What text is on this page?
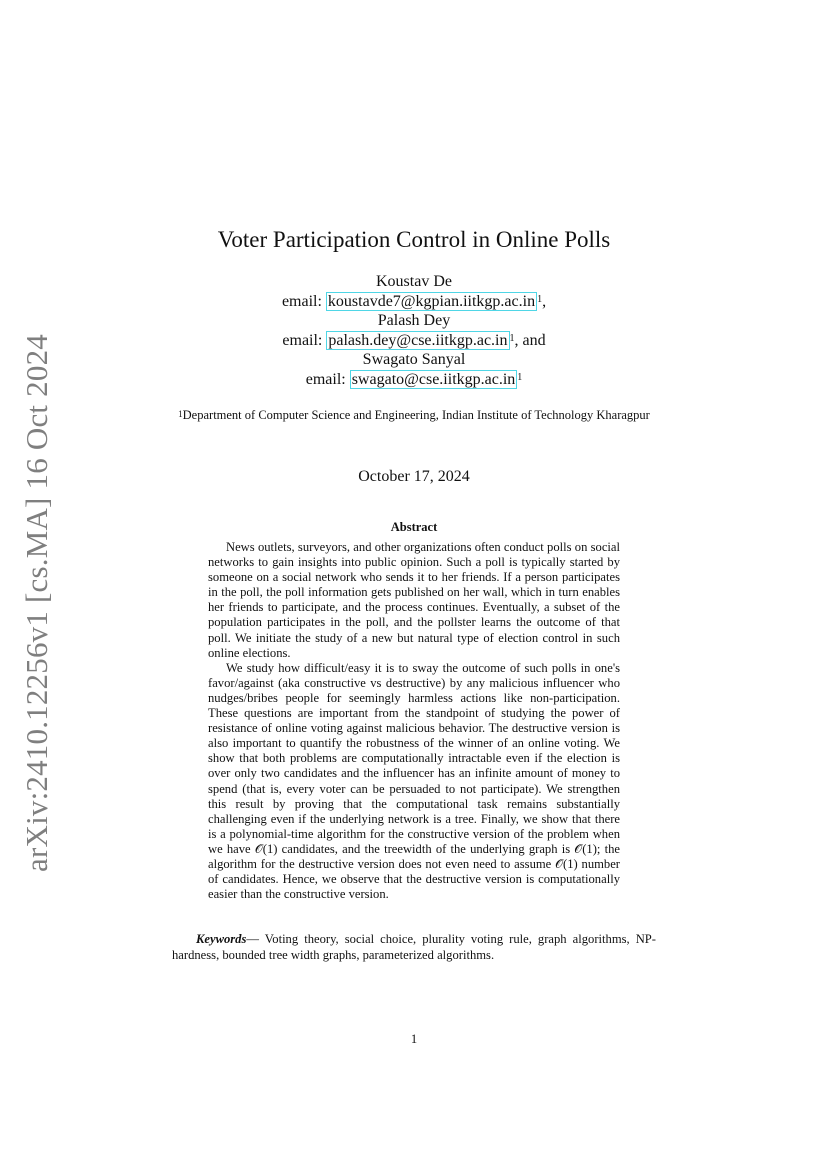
arXiv:2410.12256v1 [cs.MA] 16 Oct 2024
Voter Participation Control in Online Polls
Koustav De
email: koustavde7@kgpian.iitkgp.ac.in $^1$,
Palash Dey
email: palash.dey@cse.iitkgp.ac.in $^1$, and
Swagato Sanyal
email: swagato@cse.iitkgp.ac.in $^1$
$^1$Department of Computer Science and Engineering, Indian Institute of Technology Kharagpur
October 17, 2024
Abstract

News outlets, surveyors, and other organizations often conduct polls on social networks to gain insights into public opinion. Such a poll is typically started by someone on a social network who sends it to her friends. If a person participates in the poll, the poll information gets published on her wall, which in turn enables her friends to participate, and the process continues. Eventually, a subset of the population participates in the poll, and the pollster learns the outcome of that poll. We initiate the study of a new but natural type of election control in such online elections.

We study how difficult/easy it is to sway the outcome of such polls in one's favor/against (aka constructive vs destructive) by any malicious influencer who nudges/bribes people for seemingly harmless actions like non-participation. These questions are important from the standpoint of studying the power of resistance of online voting against malicious behavior. The destructive version is also important to quantify the robustness of the winner of an online voting. We show that both problems are computationally intractable even if the election is over only two candidates and the influencer has an infinite amount of money to spend (that is, every voter can be persuaded to not participate). We strengthen this result by proving that the computational task remains substantially challenging even if the underlying network is a tree. Finally, we show that there is a polynomial-time algorithm for the constructive version of the problem when we have 𝒪(1) candidates, and the treewidth of the underlying graph is 𝒪(1); the algorithm for the destructive version does not even need to assume 𝒪(1) number of candidates. Hence, we observe that the destructive version is computationally easier than the constructive version.

Keywords— Voting theory, social choice, plurality voting rule, graph algorithms, NP-hardness, bounded tree width graphs, parameterized algorithms.
1
